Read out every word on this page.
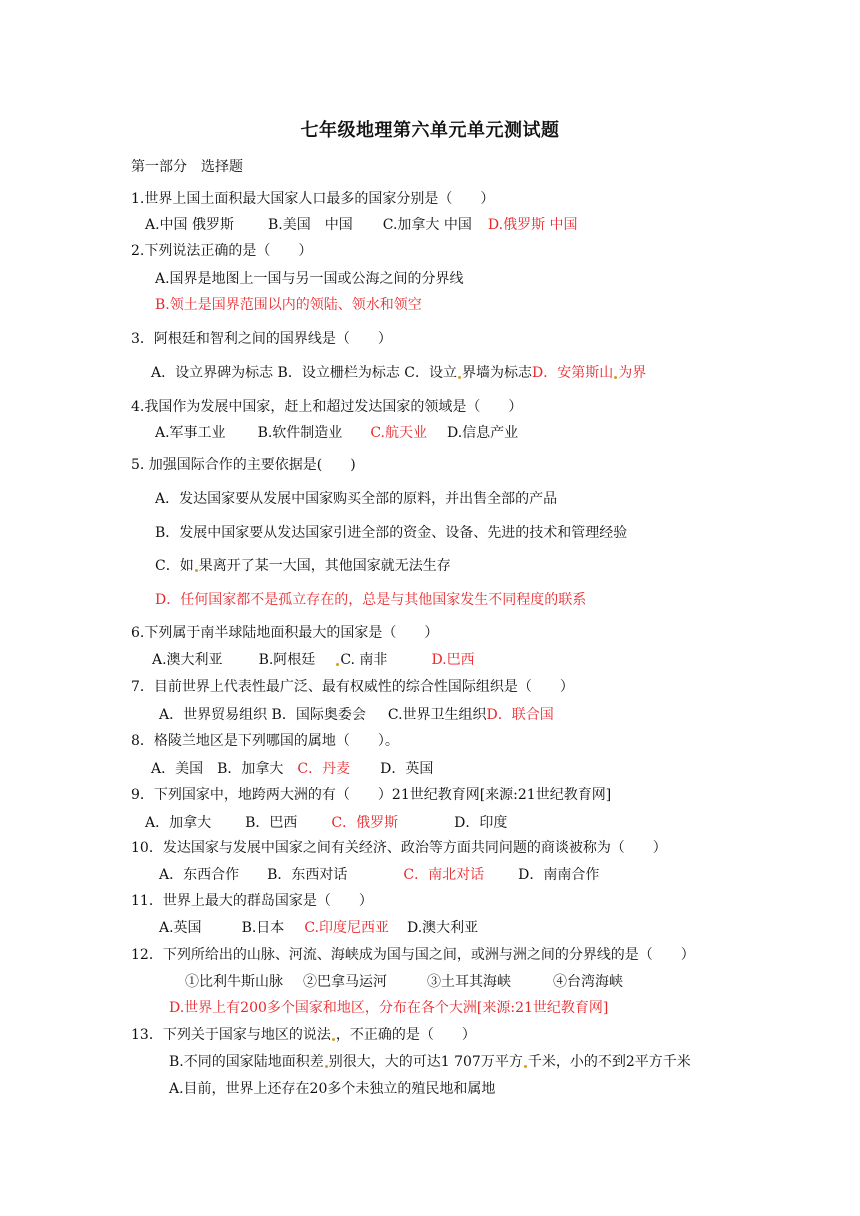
七年级地理第六单元单元测试题
第一部分　选择题
1.世界上国土面积最大国家人口最多的国家分别是（　　）
A.中国 俄罗斯 B.美国　中国 C.加拿大 中国 D.俄罗斯 中国
2.下列说法正确的是（　　）
A.国界是地图上一国与另一国或公海之间的分界线
B.领土是国界范围以内的领陆、领水和领空
3．阿根廷和智利之间的国界线是（　　）
A．设立界碑为标志 B．设立栅栏为标志 C．设立 界墙为标志D．安第斯山 为界
4.我国作为发展中国家，赶上和超过发达国家的领域是（　　）
A.军事工业 B.软件制造业 C.航天业 D.信息产业
5. 加强国际合作的主要依据是(　　)
A．发达国家要从发展中国家购买全部的原料，并出售全部的产品
B．发展中国家要从发达国家引进全部的资金、设备、先进的技术和管理经验
C．如 果离开了某一大国，其他国家就无法生存
D．任何国家都不是孤立存在的，总是与其他国家发生不同程度的联系
6.下列属于南半球陆地面积最大的国家是（　　）
A.澳大利亚	B.阿根廷 C. 南非	D.巴西
7．目前世界上代表性最广泛、最有权威性的综合性国际组织是（　　）
A．世界贸易组织 B．国际奥委会 C.世界卫生组织D．联合国
8．格陵兰地区是下列哪国的属地（　　）。
A．美国　B．加拿大 C．丹麦 D．英国
9．下列国家中，地跨两大洲的有（　　）21世纪教育网[来源:21世纪教育网]
A．加拿大 B．巴西 C．俄罗斯	D．印度
10．发达国家与发展中国家之间有关经济、政治等方面共同问题的商谈被称为（　　）
A．东西合作 B．东西对话	C．南北对话 D．南南合作
11．世界上最大的群岛国家是（　　）
A.英国	B.日本 C.印度尼西亚 D.澳大利亚
12．下列所给出的山脉、河流、海峡成为国与国之间，或洲与洲之间的分界线的是（　　）
①比利牛斯山脉 ②巴拿马运河	③土耳其海峡	④台湾海峡
D.世界上有200多个国家和地区，分布在各个大洲[来源:21世纪教育网]
13．下列关于国家与地区的说法 ，不正确的是（　　）
B.不同的国家陆地面积差 别很大，大的可达1 707万平方 千米，小的不到2平方千米
A.目前，世界上还存在20多个未独立的殖民地和属地
